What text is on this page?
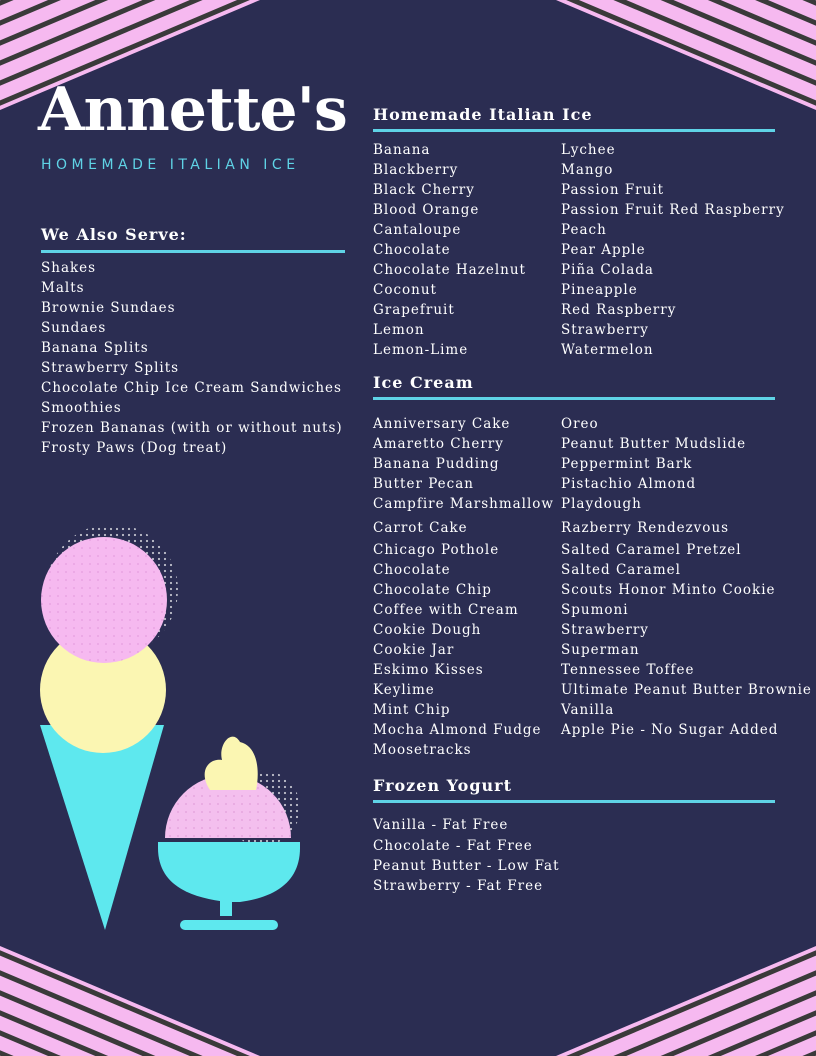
Annette's
HOMEMADE ITALIAN ICE
We Also Serve:
Shakes
Malts
Brownie Sundaes
Sundaes
Banana Splits
Strawberry Splits
Chocolate Chip Ice Cream Sandwiches
Smoothies
Frozen Bananas (with or without nuts)
Frosty Paws (Dog treat)
Homemade Italian Ice
Banana
Blackberry
Black Cherry
Blood Orange
Cantaloupe
Chocolate
Chocolate Hazelnut
Coconut
Grapefruit
Lemon
Lemon-Lime
Lychee
Mango
Passion Fruit
Passion Fruit Red Raspberry
Peach
Pear Apple
Piña Colada
Pineapple
Red Raspberry
Strawberry
Watermelon
Ice Cream
Anniversary Cake
Amaretto Cherry
Banana Pudding
Butter Pecan
Campfire Marshmallow
Carrot Cake
Chicago Pothole
Chocolate
Chocolate Chip
Coffee with Cream
Cookie Dough
Cookie Jar
Eskimo Kisses
Keylime
Mint Chip
Mocha Almond Fudge
Moosetracks
Oreo
Peanut Butter Mudslide
Peppermint Bark
Pistachio Almond
Playdough
Razberry Rendezvous
Salted Caramel Pretzel
Salted Caramel
Scouts Honor Minto Cookie
Spumoni
Strawberry
Superman
Tennessee Toffee
Ultimate Peanut Butter Brownie
Vanilla
Apple Pie - No Sugar Added
Frozen Yogurt
Vanilla - Fat Free
Chocolate - Fat Free
Peanut Butter - Low Fat
Strawberry - Fat Free
